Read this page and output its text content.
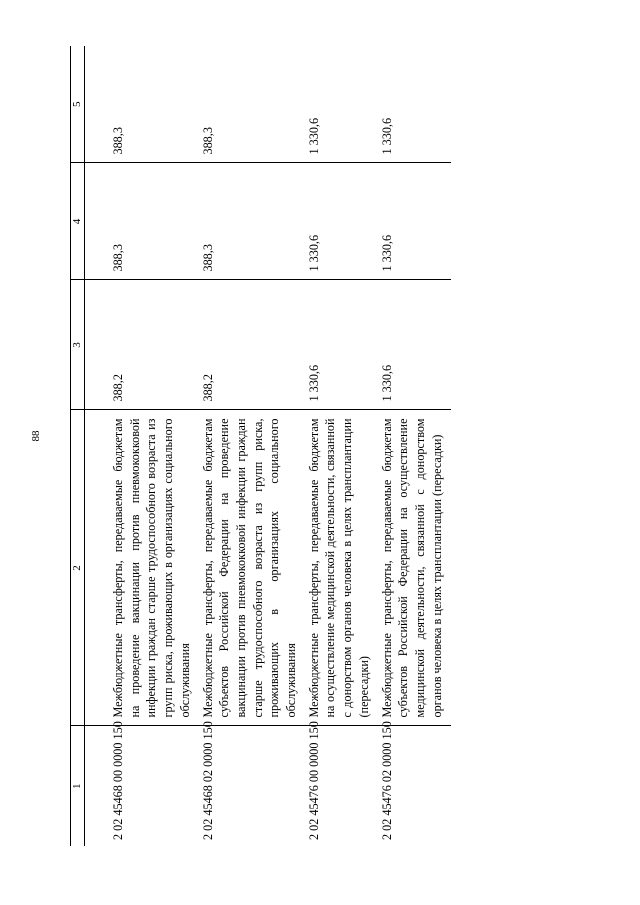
88
1	2	3	4	5
2 02 45468 00 0000 150	Межбюджетные трансферты, передаваемые бюджетам на проведение вакцинации против пневмококковой инфекции граждан старше трудоспособного возраста из групп риска, проживающих в организациях социального обслуживания	388,2	388,3	388,3
2 02 45468 02 0000 150	Межбюджетные трансферты, передаваемые бюджетам субъектов Российской Федерации на проведение вакцинации против пневмококковой инфекции граждан старше трудоспособного возраста из групп риска, проживающих в организациях социального обслуживания	388,2	388,3	388,3
2 02 45476 00 0000 150	Межбюджетные трансферты, передаваемые бюджетам на осуществление медицинской деятельности, связанной с донорством органов человека в целях трансплантации (пересадки)	1 330,6	1 330,6	1 330,6
2 02 45476 02 0000 150	Межбюджетные трансферты, передаваемые бюджетам субъектов Российской Федерации на осуществление медицинской деятельности, связанной с донорством органов человека в целях трансплантации (пересадки)	1 330,6	1 330,6	1 330,6
